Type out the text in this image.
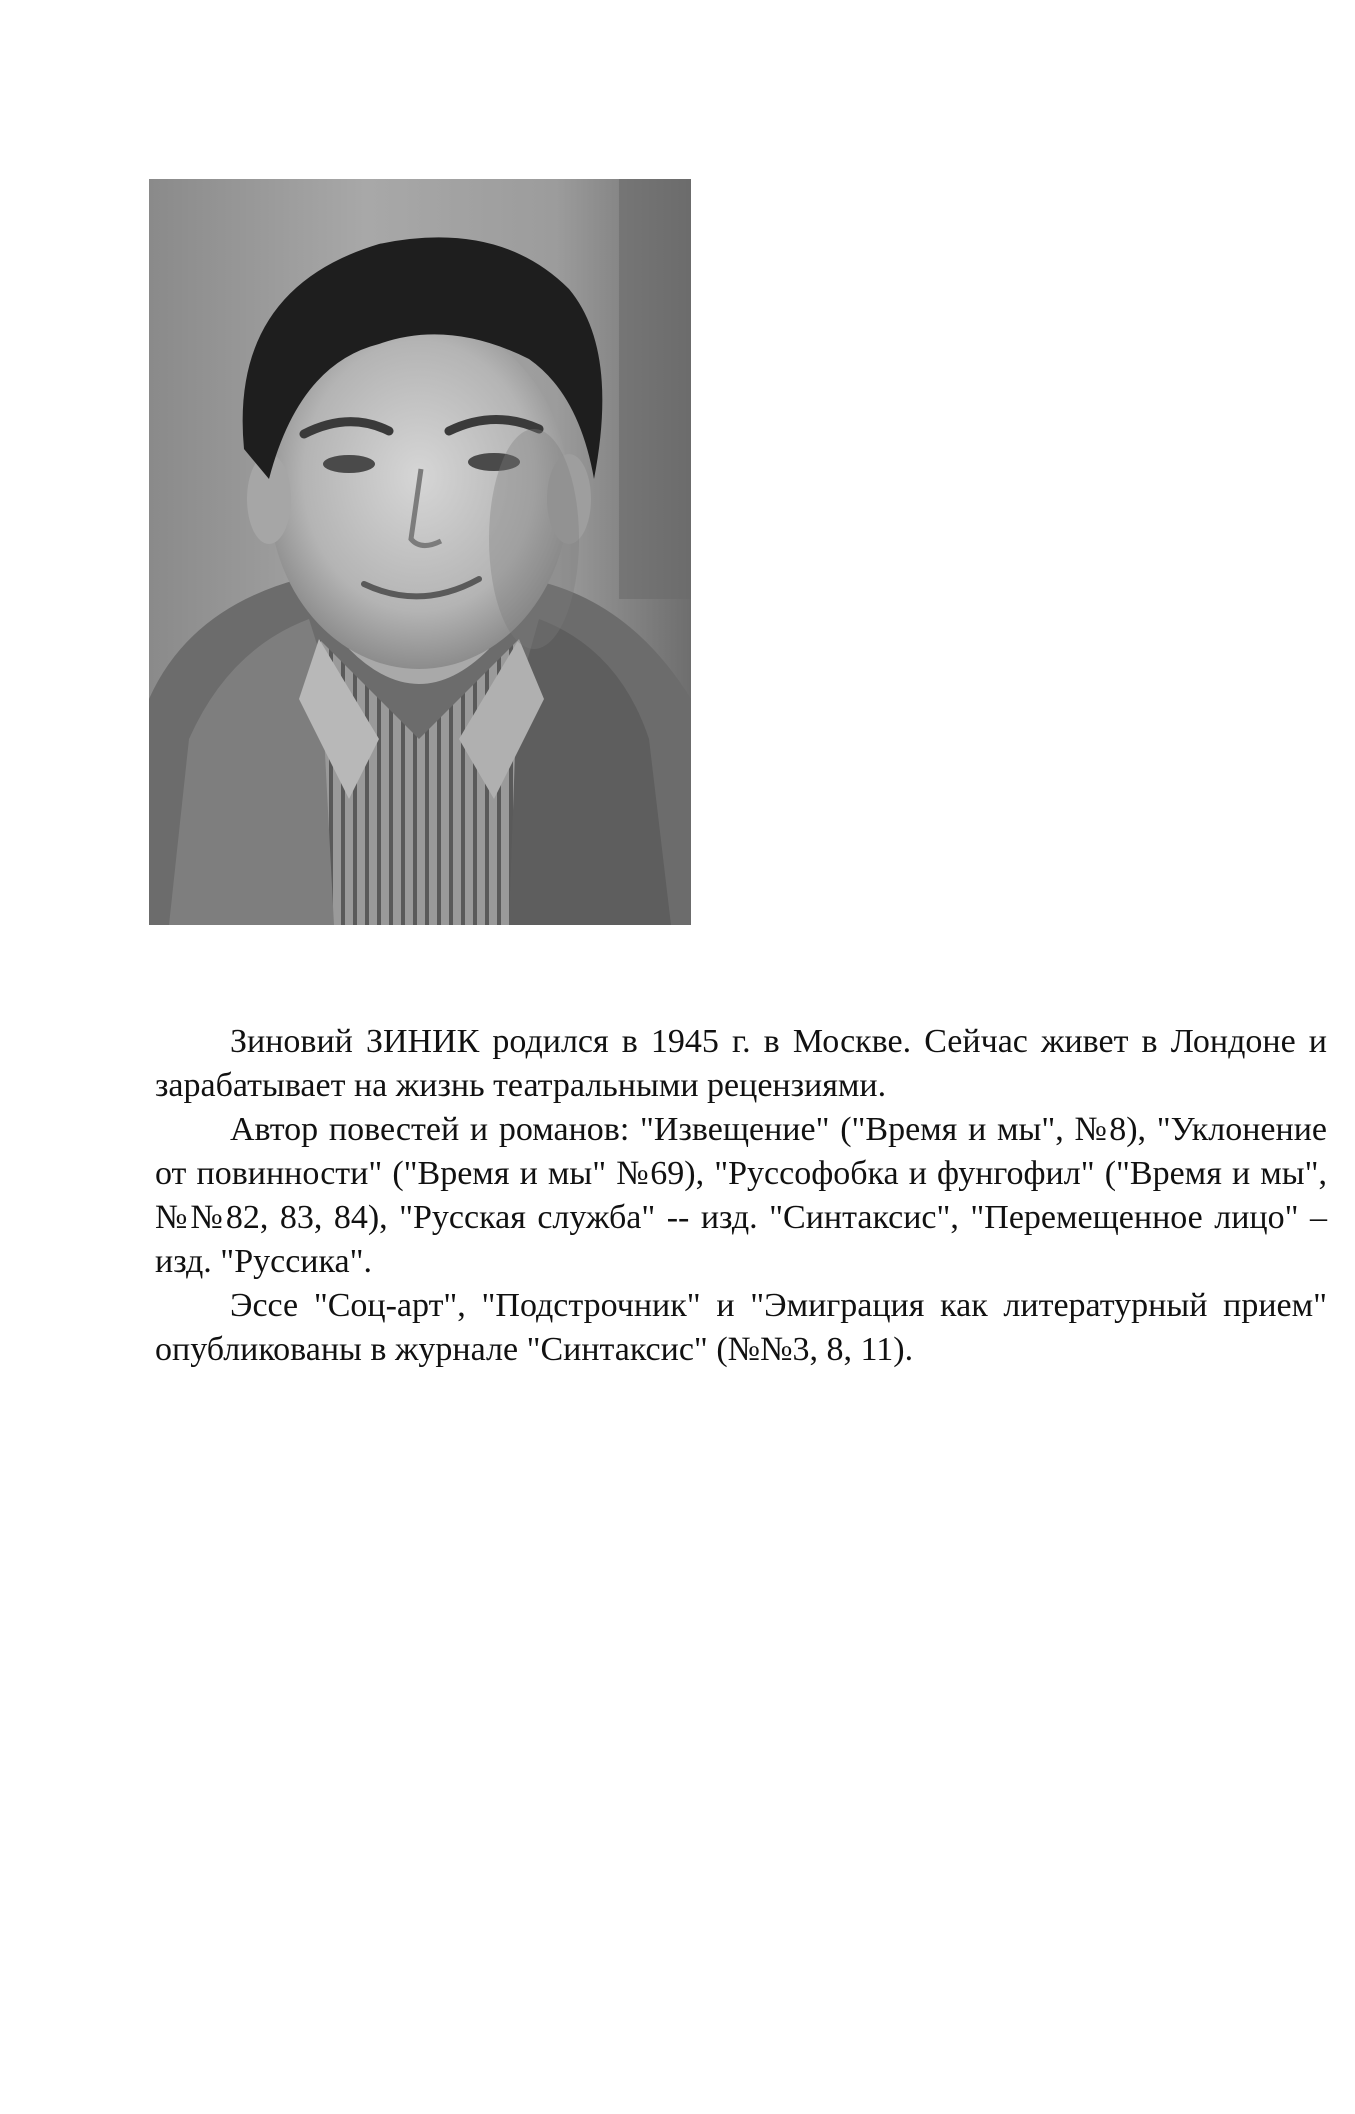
Зиновий ЗИНИК родился в 1945 г. в Москве. Сейчас живет в Лондоне и зарабатывает на жизнь театральными рецензиями.

Автор повестей и романов: "Извещение" ("Время и мы", №8), "Уклонение от повинности" ("Время и мы" №69), "Руссофобка и фунгофил" ("Время и мы", №№82, 83, 84), "Русская служба" -- изд. "Синтаксис", "Перемещенное лицо" – изд. "Руссика".

Эссе "Соц-арт", "Подстрочник" и "Эмиграция как литературный прием" опубликованы в журнале "Синтаксис" (№№3, 8, 11).
